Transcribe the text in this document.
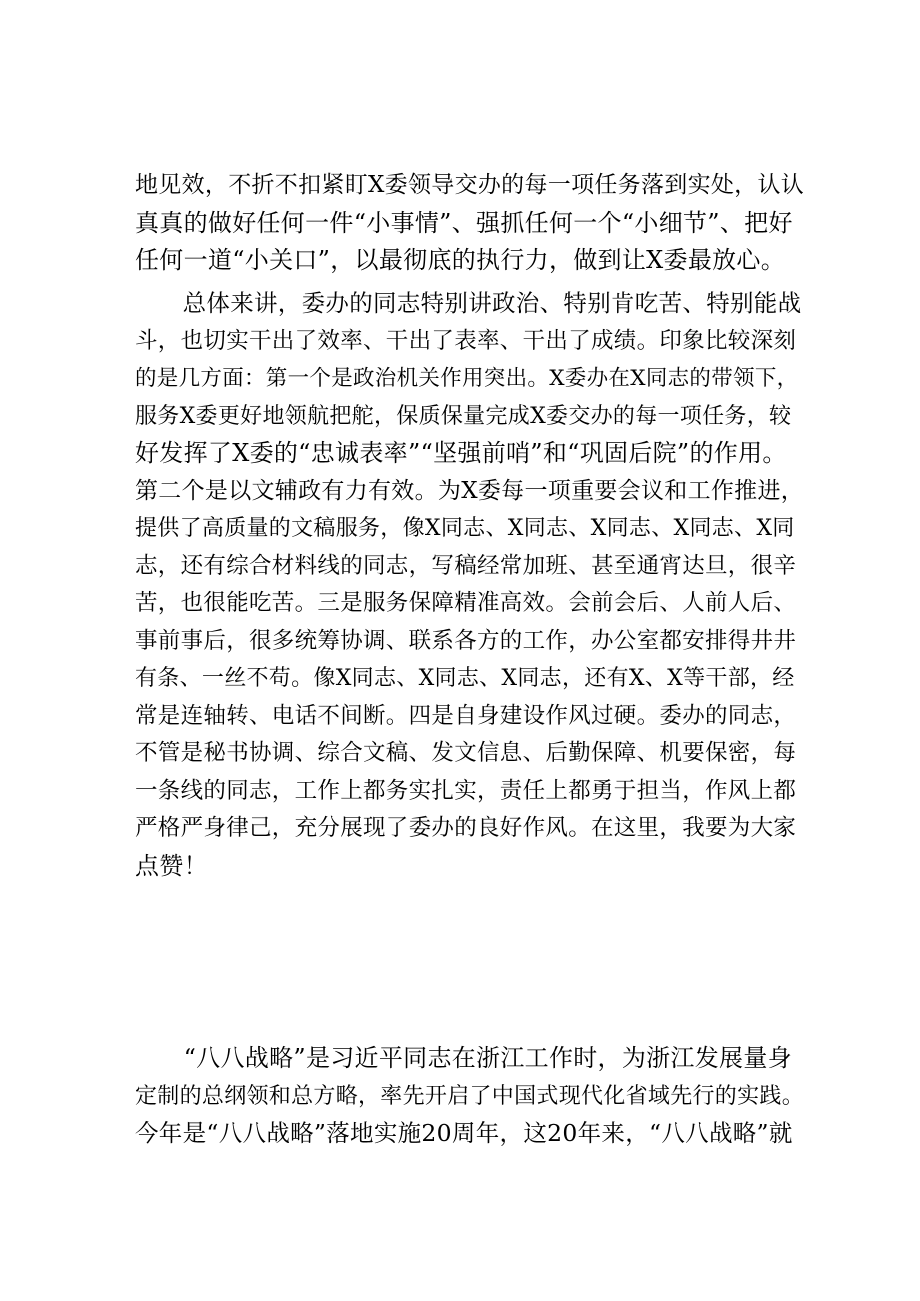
地见效，不折不扣紧盯X委领导交办的每一项任务落到实处，认认
真真的做好任何一件“小事情”、强抓任何一个“小细节”、把好
任何一道“小关口”，以最彻底的执行力，做到让X委最放心。
　　总体来讲，委办的同志特别讲政治、特别肯吃苦、特别能战
斗，也切实干出了效率、干出了表率、干出了成绩。印象比较深刻
的是几方面：第一个是政治机关作用突出。X委办在X同志的带领下，
服务X委更好地领航把舵，保质保量完成X委交办的每一项任务，较
好发挥了X委的“忠诚表率”“坚强前哨”和“巩固后院”的作用。
第二个是以文辅政有力有效。为X委每一项重要会议和工作推进，
提供了高质量的文稿服务，像X同志、X同志、X同志、X同志、X同
志，还有综合材料线的同志，写稿经常加班、甚至通宵达旦，很辛
苦，也很能吃苦。三是服务保障精准高效。会前会后、人前人后、
事前事后，很多统筹协调、联系各方的工作，办公室都安排得井井
有条、一丝不苟。像X同志、X同志、X同志，还有X、X等干部，经
常是连轴转、电话不间断。四是自身建设作风过硬。委办的同志，
不管是秘书协调、综合文稿、发文信息、后勤保障、机要保密，每
一条线的同志，工作上都务实扎实，责任上都勇于担当，作风上都
严格严身律己，充分展现了委办的良好作风。在这里，我要为大家
点赞！
　　“八八战略”是习近平同志在浙江工作时，为浙江发展量身
定制的总纲领和总方略，率先开启了中国式现代化省域先行的实践。
今年是“八八战略”落地实施20周年，这20年来，“八八战略”就
